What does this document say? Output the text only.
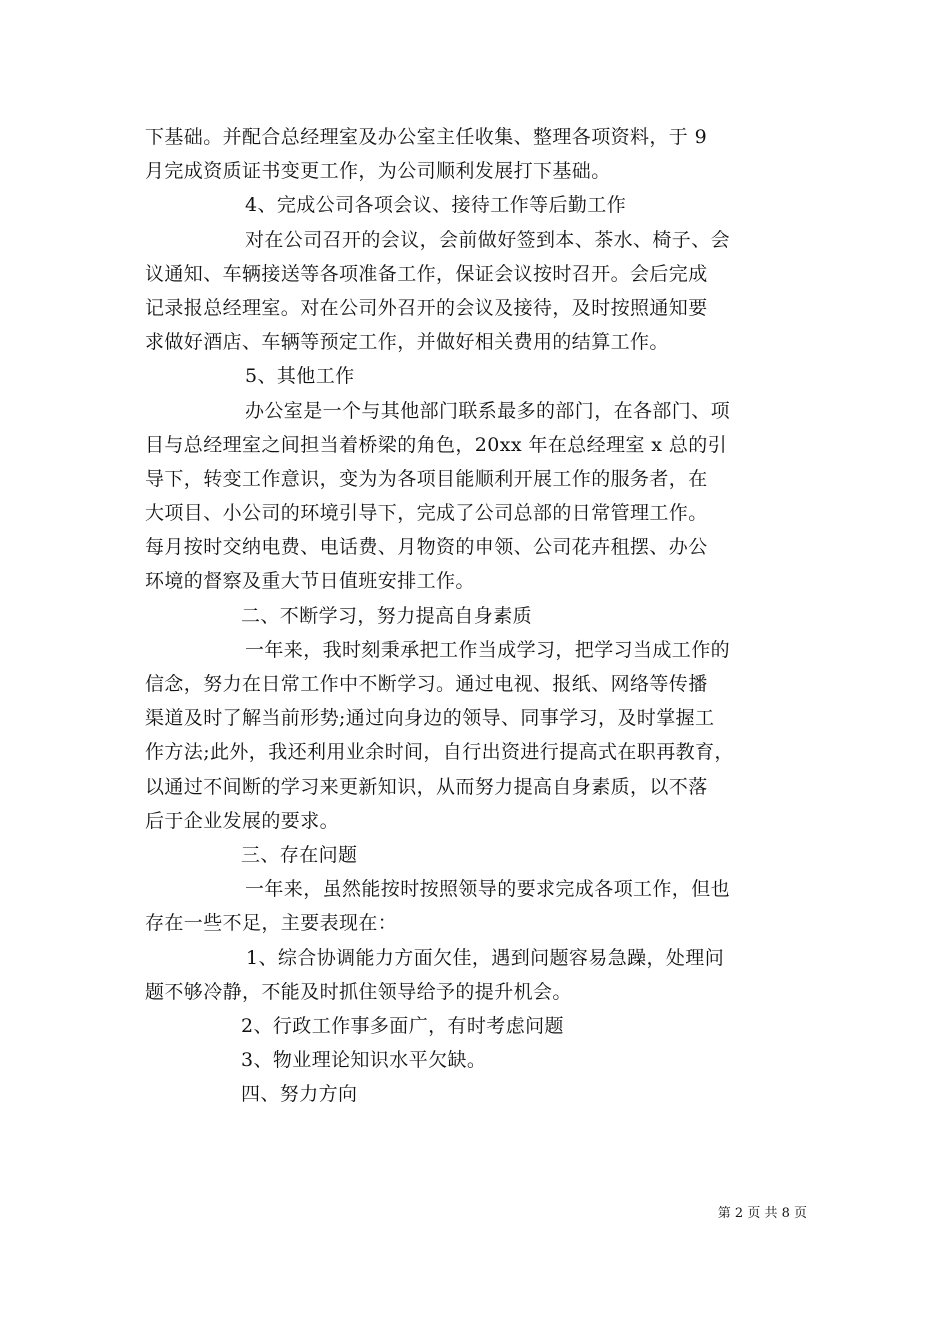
下基础。并配合总经理室及办公室主任收集、整理各项资料，于 9
月完成资质证书变更工作，为公司顺利发展打下基础。
4、完成公司各项会议、接待工作等后勤工作
对在公司召开的会议，会前做好签到本、茶水、椅子、会
议通知、车辆接送等各项准备工作，保证会议按时召开。会后完成
记录报总经理室。对在公司外召开的会议及接待，及时按照通知要
求做好酒店、车辆等预定工作，并做好相关费用的结算工作。
5、其他工作
办公室是一个与其他部门联系最多的部门，在各部门、项
目与总经理室之间担当着桥梁的角色，20xx 年在总经理室 x 总的引
导下，转变工作意识，变为为各项目能顺利开展工作的服务者，在
大项目、小公司的环境引导下，完成了公司总部的日常管理工作。
每月按时交纳电费、电话费、月物资的申领、公司花卉租摆、办公
环境的督察及重大节日值班安排工作。
二、不断学习，努力提高自身素质
一年来，我时刻秉承把工作当成学习，把学习当成工作的
信念，努力在日常工作中不断学习。通过电视、报纸、网络等传播
渠道及时了解当前形势;通过向身边的领导、同事学习，及时掌握工
作方法;此外，我还利用业余时间，自行出资进行提高式在职再教育，
以通过不间断的学习来更新知识，从而努力提高自身素质，以不落
后于企业发展的要求。
三、存在问题
一年来，虽然能按时按照领导的要求完成各项工作，但也
存在一些不足，主要表现在：
1、综合协调能力方面欠佳，遇到问题容易急躁，处理问
题不够冷静，不能及时抓住领导给予的提升机会。
2、行政工作事多面广，有时考虑问题
3、物业理论知识水平欠缺。
四、努力方向
第 2 页 共 8 页
